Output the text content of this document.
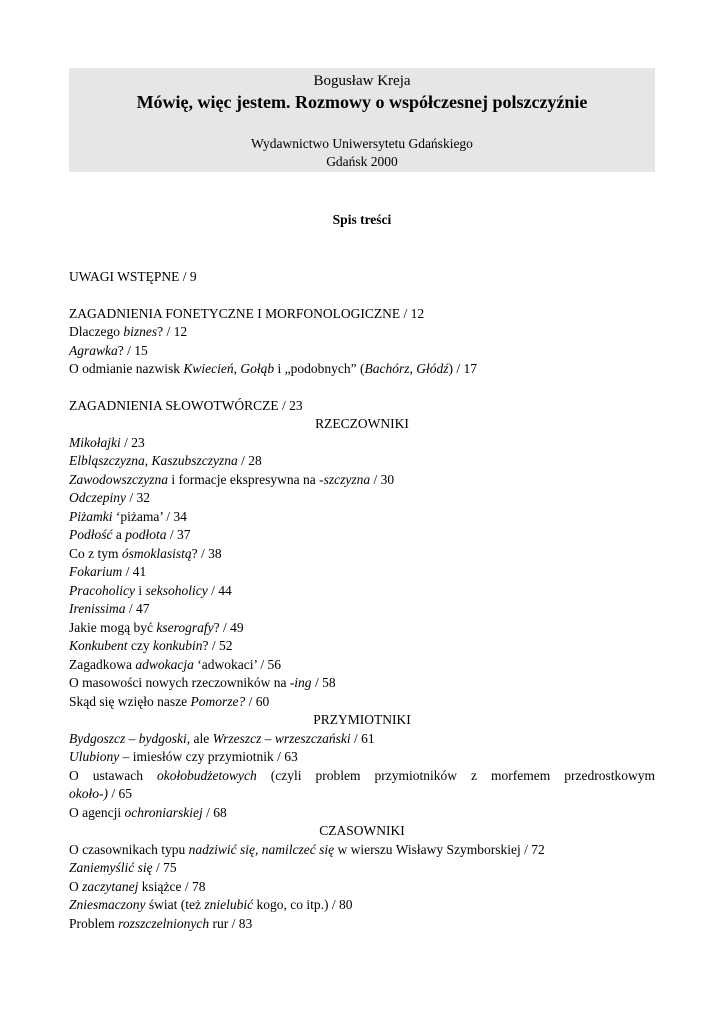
Bogusław Kreja
Mówię, więc jestem. Rozmowy o współczesnej polszczyźnie
Wydawnictwo Uniwersytetu Gdańskiego
Gdańsk 2000
Spis treści
UWAGI WSTĘPNE / 9
ZAGADNIENIA FONETYCZNE I MORFONOLOGICZNE / 12
Dlaczego biznes? / 12
Agrawka? / 15
O odmianie nazwisk Kwiecień, Gołąb i „podobnych” (Bachórz, Głódź) / 17
ZAGADNIENIA SŁOWOTWÓRCZE / 23
RZECZOWNIKI
Mikołajki / 23
Elbląszczyzna, Kaszubszczyzna / 28
Zawodowszczyzna i formacje ekspresywna na -szczyzna / 30
Odczepiny / 32
Piżamki ‘piżama’ / 34
Podłość a podłota / 37
Co z tym ósmoklasistą? / 38
Fokarium / 41
Pracoholicy i seksoholicy / 44
Irenissima / 47
Jakie mogą być kserografy? / 49
Konkubent czy konkubin? / 52
Zagadkowa adwokacja ‘adwokaci’ / 56
O masowości nowych rzeczowników na -ing / 58
Skąd się wzięło nasze Pomorze? / 60
PRZYMIOTNIKI
Bydgoszcz – bydgoski, ale Wrzeszcz – wrzeszczański / 61
Ulubiony – imiesłów czy przymiotnik / 63
O ustawach okołobudżetowych (czyli problem przymiotników z morfemem przedrostkowym
około-) / 65
O agencji ochroniarskiej / 68
CZASOWNIKI
O czasownikach typu nadziwić się, namilczeć się w wierszu Wisławy Szymborskiej / 72
Zaniemyślić się / 75
O zaczytanej książce / 78
Zniesmaczony świat (też znielubić kogo, co itp.) / 80
Problem rozszczelnionych rur / 83
